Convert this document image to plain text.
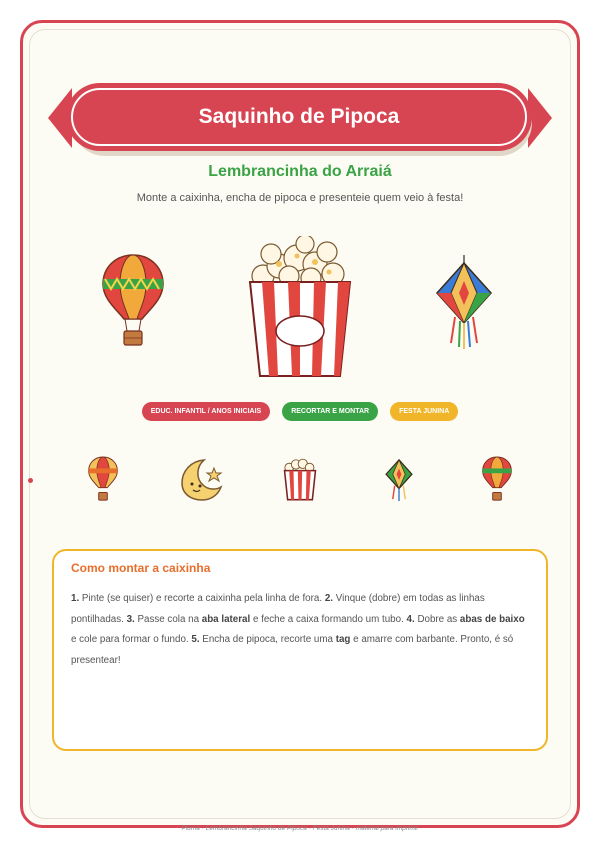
Saquinho de Pipoca
Lembrancinha do Arraiá
Monte a caixinha, encha de pipoca e presenteie quem veio à festa!
EDUC. INFANTIL / ANOS INICIAIS	RECORTAR E MONTAR	FESTA JUNINA
Como montar a caixinha
1. Pinte (se quiser) e recorte a caixinha pela linha de fora. 2. Vinque (dobre) em todas as linhas pontilhadas. 3. Passe cola na aba lateral e feche a caixa formando um tubo. 4. Dobre as abas de baixo e cole para formar o fundo. 5. Encha de pipoca, recorte uma tag e amarre com barbante. Pronto, é só presentear!
Pluma · Lembrancinha Saquinho de Pipoca · Festa Junina · material para imprimir
